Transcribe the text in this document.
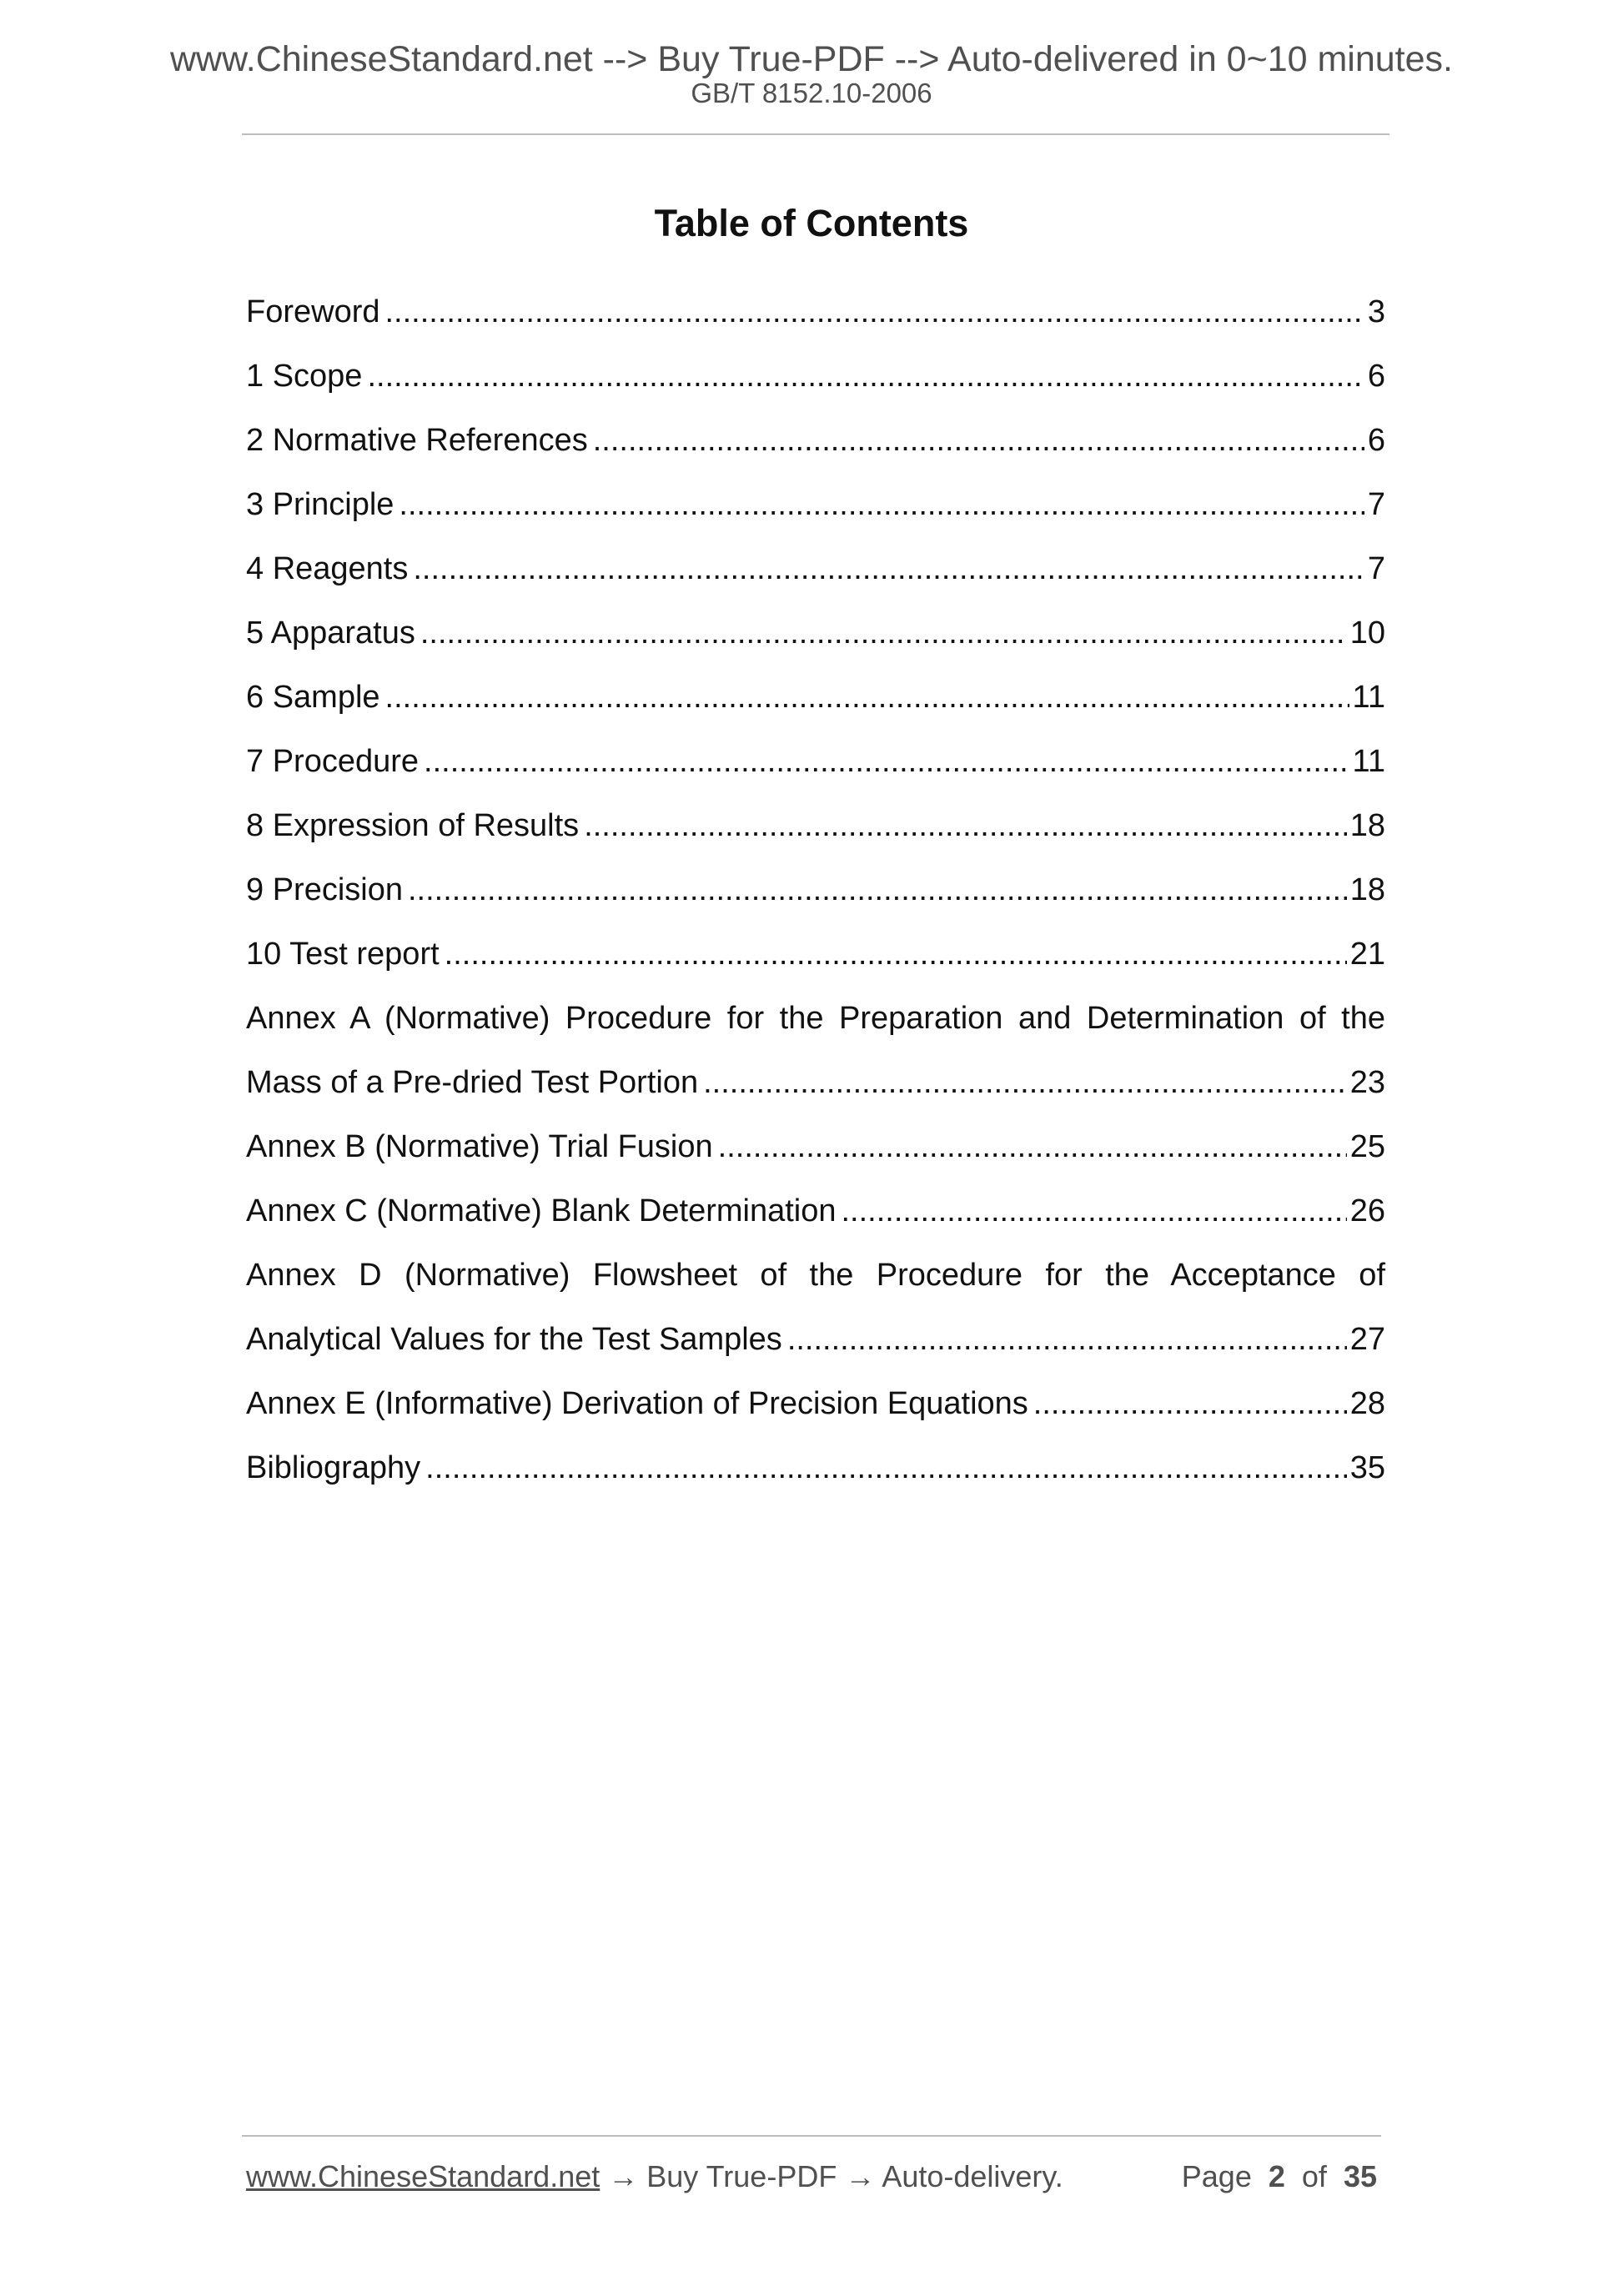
www.ChineseStandard.net --> Buy True-PDF --> Auto-delivered in 0~10 minutes.
GB/T 8152.10-2006
Table of Contents
Foreword .....	3
1 Scope .....	6
2 Normative References .....	6
3 Principle .....	7
4 Reagents .....	7
5 Apparatus .....	10
6 Sample .....	11
7 Procedure .....	11
8 Expression of Results .....	18
9 Precision .....	18
10 Test report .....	21
Annex A (Normative) Procedure for the Preparation and Determination of the
Mass of a Pre-dried Test Portion .....	23
Annex B (Normative) Trial Fusion .....	25
Annex C (Normative) Blank Determination .....	26
Annex D (Normative) Flowsheet of the Procedure for the Acceptance of
Analytical Values for the Test Samples .....	27
Annex E (Informative) Derivation of Precision Equations .....	28
Bibliography .....	35
www.ChineseStandard.net → Buy True-PDF → Auto-delivery.	Page 2 of 35
